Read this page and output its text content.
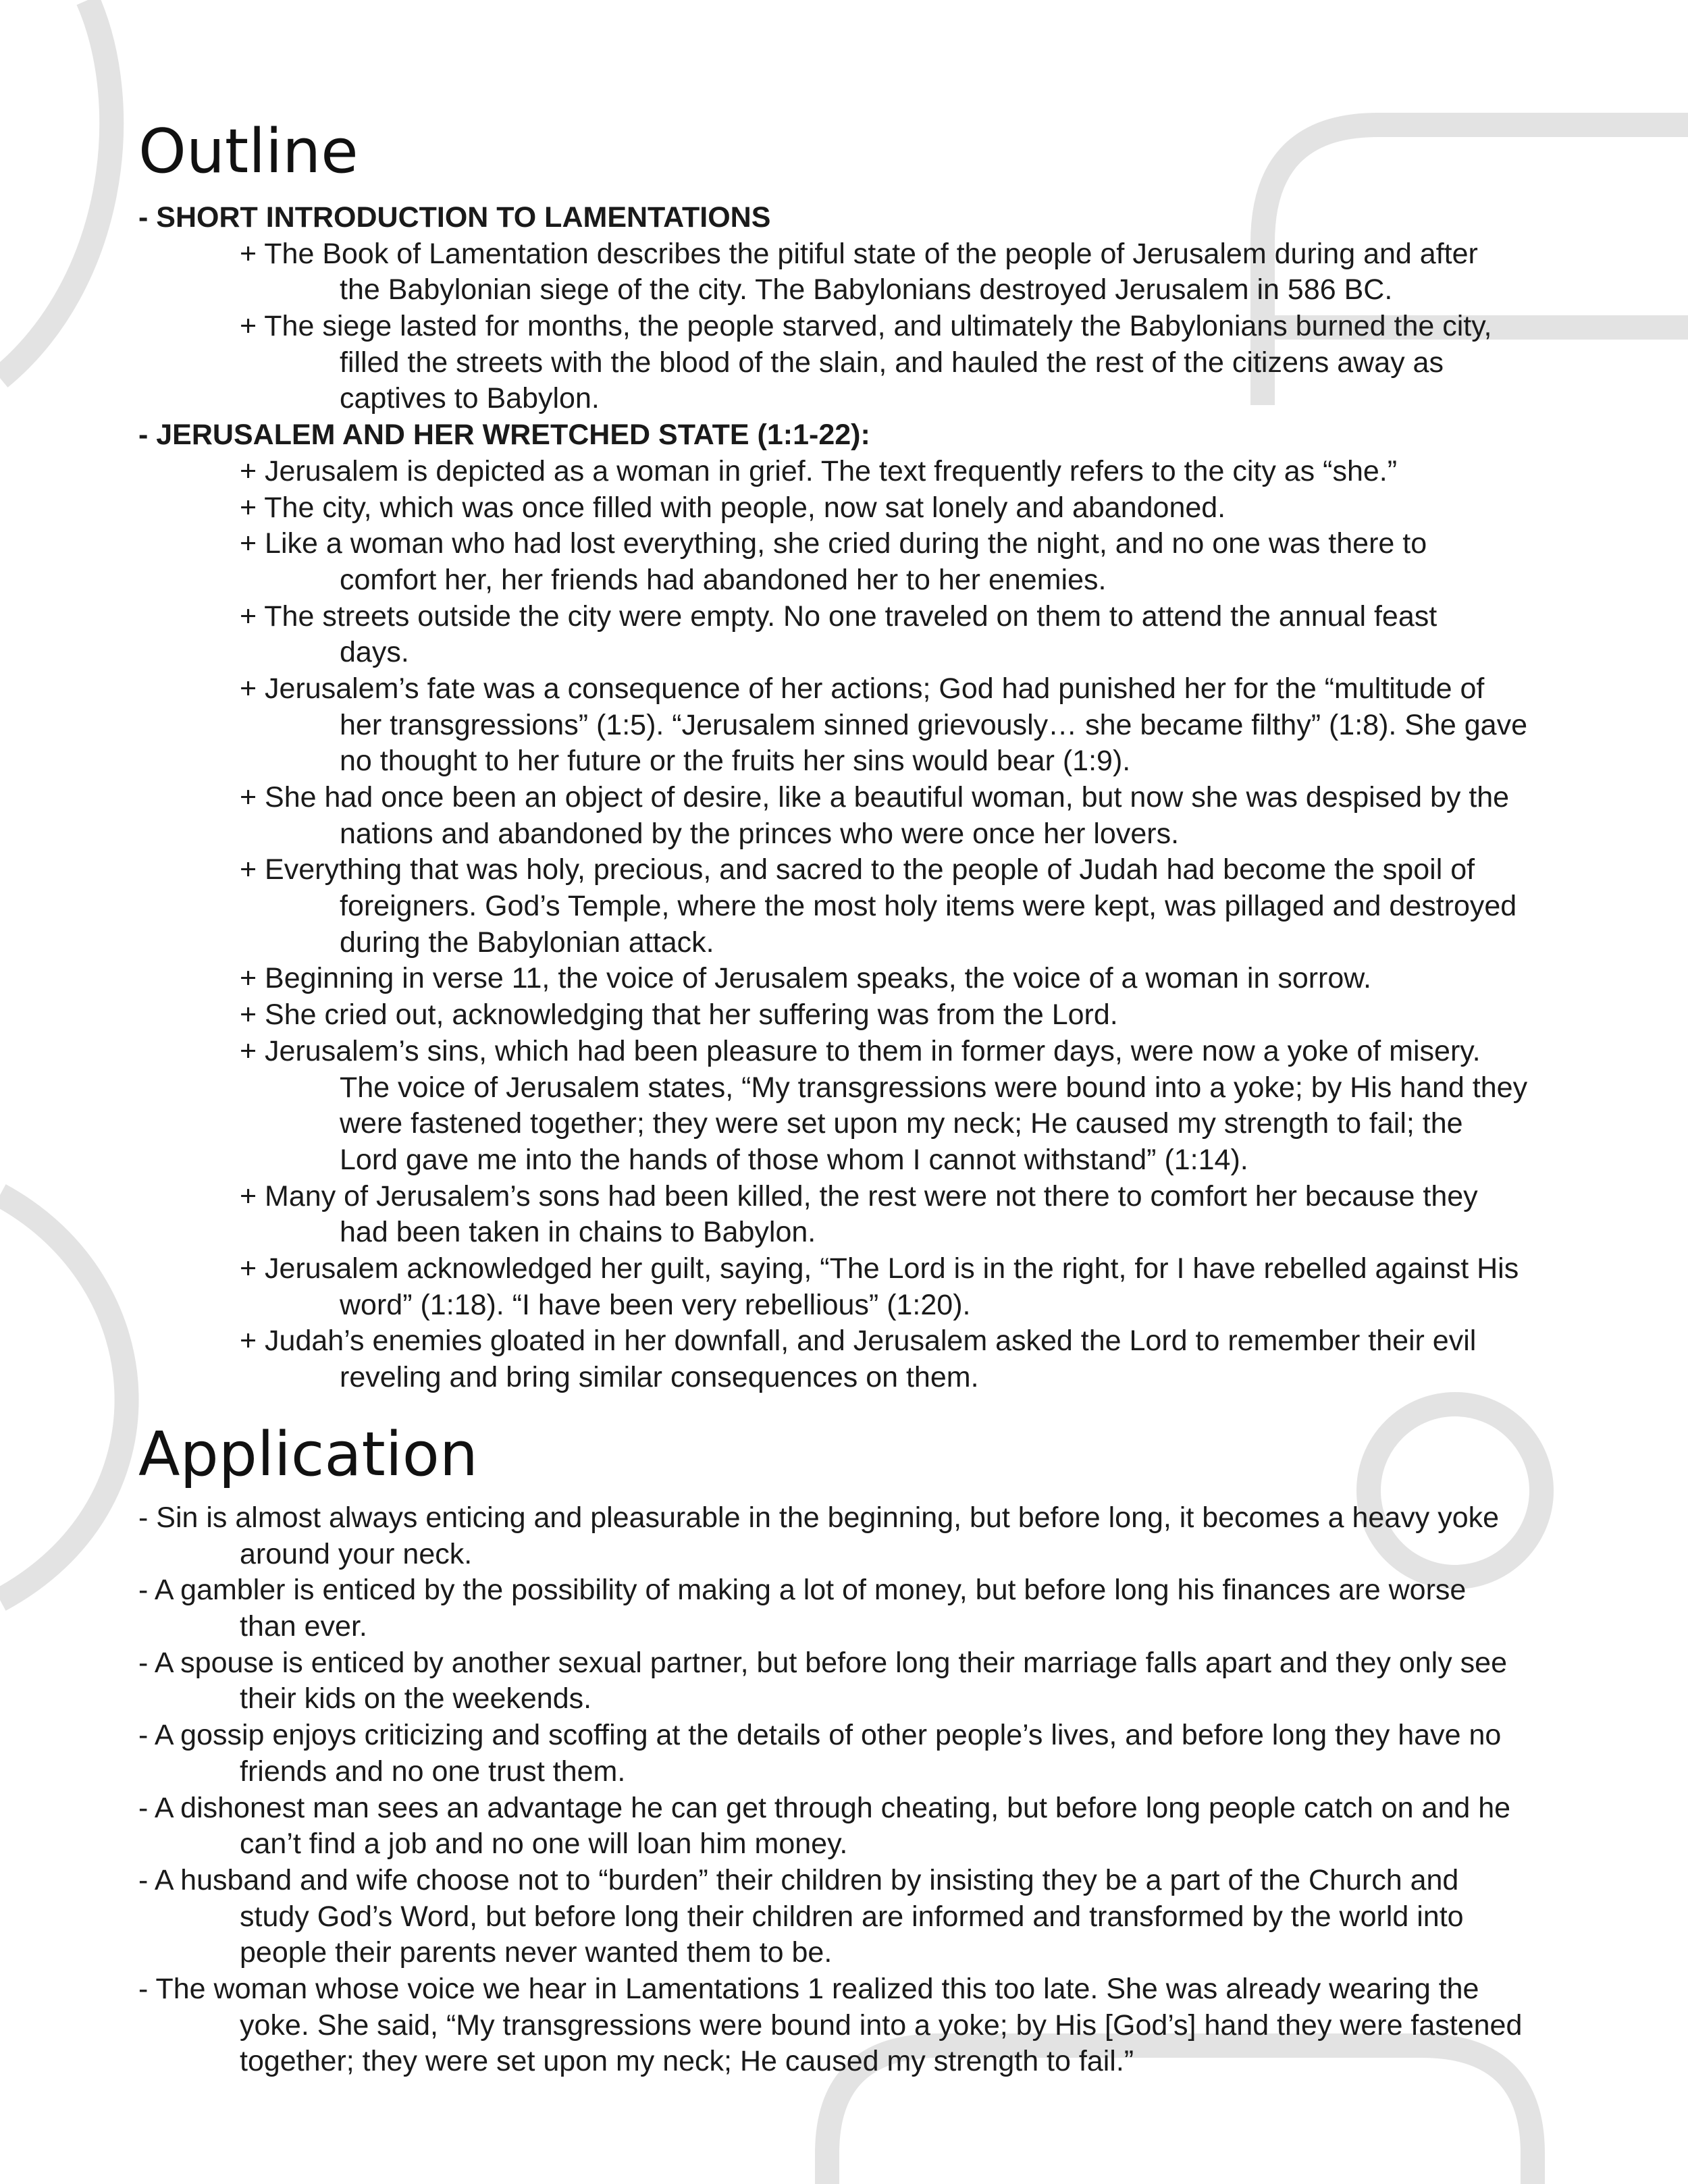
Outline
- SHORT INTRODUCTION TO LAMENTATIONS
+ The Book of Lamentation describes the pitiful state of the people of Jerusalem during and after
the Babylonian siege of the city. The Babylonians destroyed Jerusalem in 586 BC.
+ The siege lasted for months, the people starved, and ultimately the Babylonians burned the city,
filled the streets with the blood of the slain, and hauled the rest of the citizens away as
captives to Babylon.
- JERUSALEM AND HER WRETCHED STATE (1:1-22):
+ Jerusalem is depicted as a woman in grief. The text frequently refers to the city as “she.”
+ The city, which was once filled with people, now sat lonely and abandoned.
+ Like a woman who had lost everything, she cried during the night, and no one was there to
comfort her, her friends had abandoned her to her enemies.
+ The streets outside the city were empty. No one traveled on them to attend the annual feast
days.
+ Jerusalem’s fate was a consequence of her actions; God had punished her for the “multitude of
her transgressions” (1:5). “Jerusalem sinned grievously… she became filthy” (1:8). She gave
no thought to her future or the fruits her sins would bear (1:9).
+ She had once been an object of desire, like a beautiful woman, but now she was despised by the
nations and abandoned by the princes who were once her lovers.
+ Everything that was holy, precious, and sacred to the people of Judah had become the spoil of
foreigners. God’s Temple, where the most holy items were kept, was pillaged and destroyed
during the Babylonian attack.
+ Beginning in verse 11, the voice of Jerusalem speaks, the voice of a woman in sorrow.
+ She cried out, acknowledging that her suffering was from the Lord.
+ Jerusalem’s sins, which had been pleasure to them in former days, were now a yoke of misery.
The voice of Jerusalem states, “My transgressions were bound into a yoke; by His hand they
were fastened together; they were set upon my neck; He caused my strength to fail; the
Lord gave me into the hands of those whom I cannot withstand” (1:14).
+ Many of Jerusalem’s sons had been killed, the rest were not there to comfort her because they
had been taken in chains to Babylon.
+ Jerusalem acknowledged her guilt, saying, “The Lord is in the right, for I have rebelled against His
word” (1:18). “I have been very rebellious” (1:20).
+ Judah’s enemies gloated in her downfall, and Jerusalem asked the Lord to remember their evil
reveling and bring similar consequences on them.
Application
- Sin is almost always enticing and pleasurable in the beginning, but before long, it becomes a heavy yoke
around your neck.
- A gambler is enticed by the possibility of making a lot of money, but before long his finances are worse
than ever.
- A spouse is enticed by another sexual partner, but before long their marriage falls apart and they only see
their kids on the weekends.
- A gossip enjoys criticizing and scoffing at the details of other people’s lives, and before long they have no
friends and no one trust them.
- A dishonest man sees an advantage he can get through cheating, but before long people catch on and he
can’t find a job and no one will loan him money.
- A husband and wife choose not to “burden” their children by insisting they be a part of the Church and
study God’s Word, but before long their children are informed and transformed by the world into
people their parents never wanted them to be.
- The woman whose voice we hear in Lamentations 1 realized this too late. She was already wearing the
yoke. She said, “My transgressions were bound into a yoke; by His [God’s] hand they were fastened
together; they were set upon my neck; He caused my strength to fail.”
